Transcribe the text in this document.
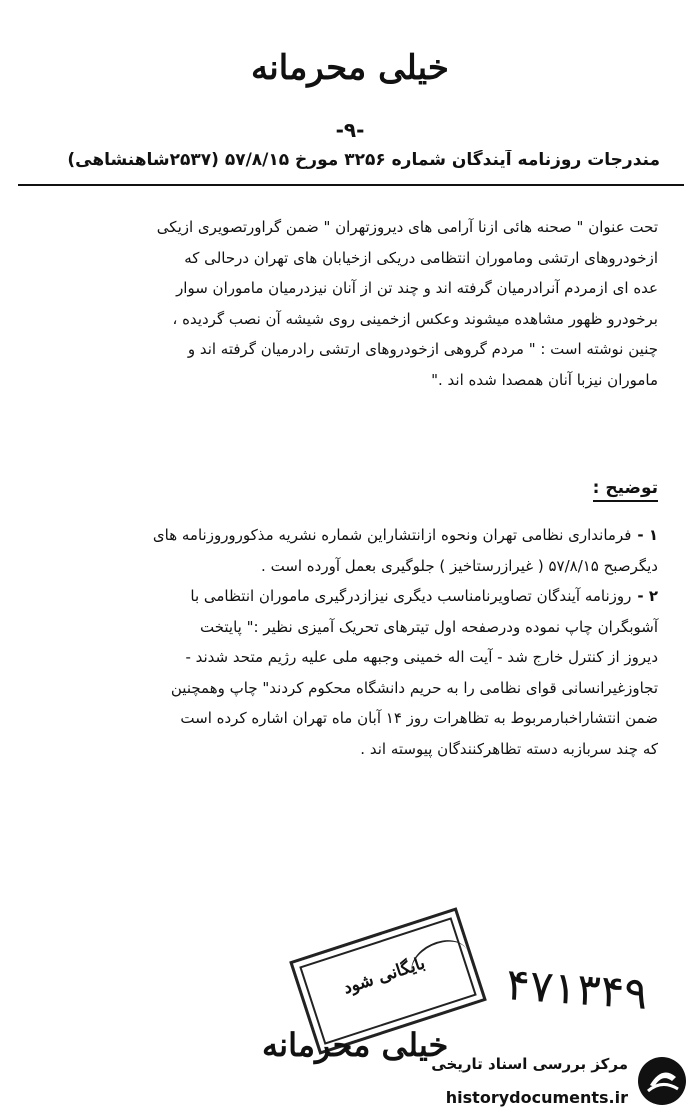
خیلی محرمانه
-۹-
مندرجات روزنامه آیندگان شماره ۳۲۵۶ مورخ ۵۷/۸/۱۵ (۲۵۳۷شاهنشاهی)

تحت عنوان " صحنه هائی ازنا آرامی های دیروزتهران " ضمن گراورتصویری ازیکی

ازخودروهای ارتشی وماموران انتظامی دریکی ازخیابان های تهران درحالی که

عده ای ازمردم آنرادرمیان گرفته اند و چند تن از آنان نیزدرمیان ماموران سوار

برخودرو ظهور مشاهده میشوند وعکس ازخمینی روی شیشه آن نصب گردیده ،

چنین نوشته است : " مردم گروهی ازخودروهای ارتشی رادرمیان گرفته اند و

ماموران نیزبا آنان همصدا شده اند ."

توضیح :

۱ -فرمانداری نظامی تهران ونحوه ازانتشاراین شماره نشریه مذکوروروزنامه های

دیگرصبح ۵۷/۸/۱۵ ( غیرازرستاخیز ) جلوگیری بعمل آورده است .

۲ -روزنامه آیندگان تصاویرنامناسب دیگری نیزازدرگیری ماموران انتظامی با

آشوبگران چاپ نموده ودرصفحه اول تیترهای تحریک آمیزی نظیر :" پایتخت

دیروز از کنترل خارج شد - آیت اله خمینی وجبهه ملی علیه رژیم متحد شدند -

تجاوزغیرانسانی قوای نظامی را به حریم دانشگاه محکوم کردند" چاپ وهمچنین

ضمن انتشاراخبارمربوط به تظاهرات روز ۱۴ آبان ماه تهران اشاره کرده است

که چند سربازبه دسته تظاهرکنندگان پیوسته اند .

بایگانی شود	۴۷۱۳۴۹
خیلی محرمانه
مرکز بررسی اسناد تاریخی
historydocuments.ir
